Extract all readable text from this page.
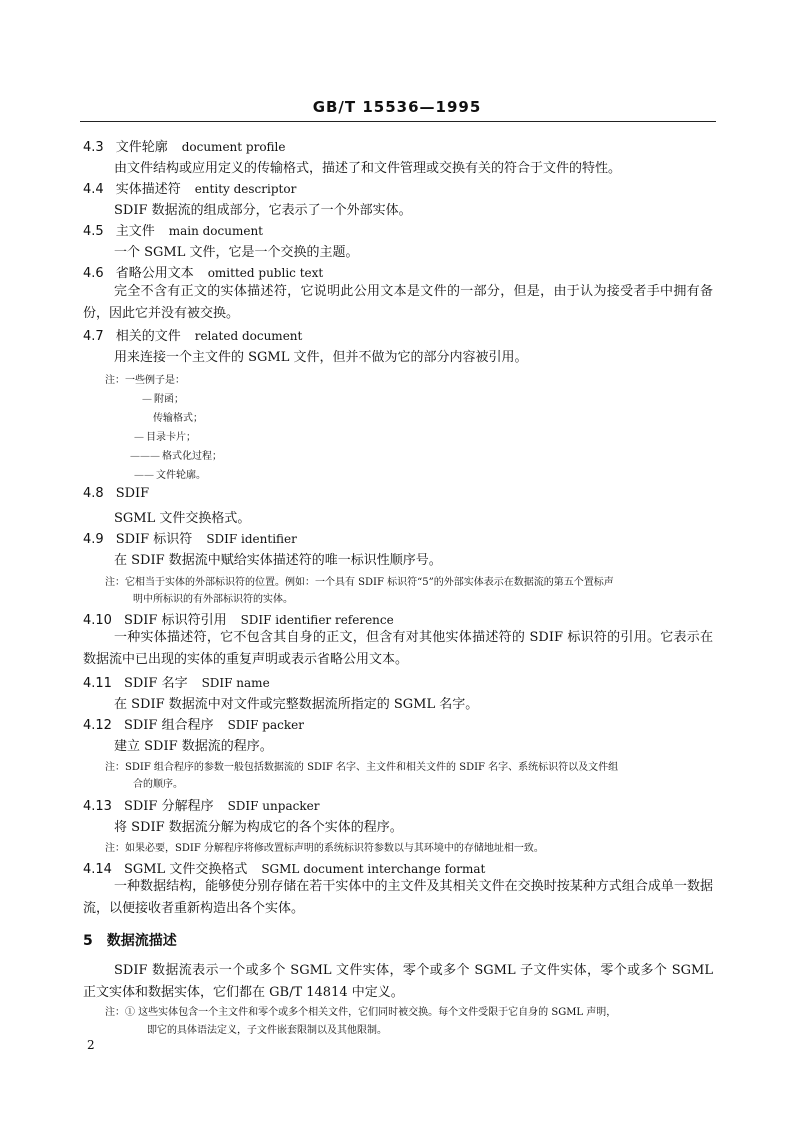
GB/T 15536—1995
4.3 文件轮廓 document profile
由文件结构或应用定义的传输格式，描述了和文件管理或交换有关的符合于文件的特性。
4.4 实体描述符 entity descriptor
SDIF 数据流的组成部分，它表示了一个外部实体。
4.5 主文件 main document
一个 SGML 文件，它是一个交换的主题。
4.6 省略公用文本 omitted public text
完全不含有正文的实体描述符，它说明此公用文本是文件的一部分，但是，由于认为接受者手中拥有备份，因此它并没有被交换。
4.7 相关的文件 related document
用来连接一个主文件的 SGML 文件，但并不做为它的部分内容被引用。
注：一些例子是：
— 附函；
传输格式；
— 目录卡片；
——— 格式化过程；
—— 文件轮廓。
4.8 SDIF
SGML 文件交换格式。
4.9 SDIF 标识符 SDIF identifier
在 SDIF 数据流中赋给实体描述符的唯一标识性顺序号。
注：它相当于实体的外部标识符的位置。例如：一个具有 SDIF 标识符“5”的外部实体表示在数据流的第五个置标声
明中所标识的有外部标识符的实体。
4.10 SDIF 标识符引用 SDIF identifier reference
一种实体描述符，它不包含其自身的正文，但含有对其他实体描述符的 SDIF 标识符的引用。它表示在数据流中已出现的实体的重复声明或表示省略公用文本。
4.11 SDIF 名字 SDIF name
在 SDIF 数据流中对文件或完整数据流所指定的 SGML 名字。
4.12 SDIF 组合程序 SDIF packer
建立 SDIF 数据流的程序。
注：SDIF 组合程序的参数一般包括数据流的 SDIF 名字、主文件和相关文件的 SDIF 名字、系统标识符以及文件组
合的顺序。
4.13 SDIF 分解程序 SDIF unpacker
将 SDIF 数据流分解为构成它的各个实体的程序。
注：如果必要，SDIF 分解程序将修改置标声明的系统标识符参数以与其环境中的存储地址相一致。
4.14 SGML 文件交换格式 SGML document interchange format
一种数据结构，能够使分别存储在若干实体中的主文件及其相关文件在交换时按某种方式组合成单一数据流，以便接收者重新构造出各个实体。
5 数据流描述
SDIF 数据流表示一个或多个 SGML 文件实体，零个或多个 SGML 子文件实体，零个或多个 SGML 正文实体和数据实体，它们都在 GB/T 14814 中定义。
注：① 这些实体包含一个主文件和零个或多个相关文件，它们同时被交换。每个文件受限于它自身的 SGML 声明，
即它的具体语法定义，子文件嵌套限制以及其他限制。
2
